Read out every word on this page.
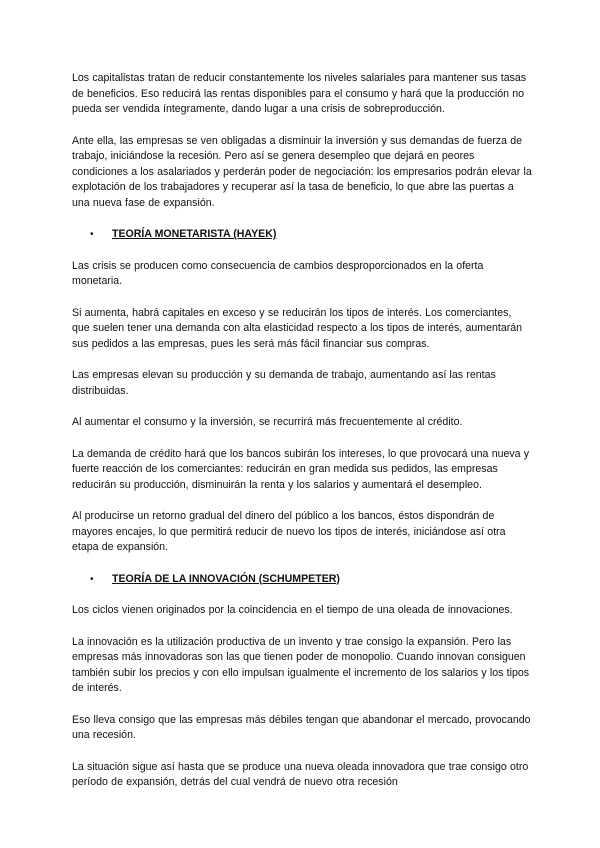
Los capitalistas tratan de reducir constantemente los niveles salariales para mantener sus tasas de beneficios. Eso reducirá las rentas disponibles para el consumo y hará que la producción no pueda ser vendida íntegramente, dando lugar a una crisis de sobreproducción.

Ante ella, las empresas se ven obligadas a disminuir la inversión y sus demandas de fuerza de trabajo, iniciándose la recesión. Pero así se genera desempleo que dejará en peores condiciones a los asalariados y perderán poder de negociación: los empresarios podrán elevar la explotación de los trabajadores y recuperar así la tasa de beneficio, lo que abre las puertas a una nueva fase de expansión.

• TEORÍA MONETARISTA (HAYEK)

Las crisis se producen como consecuencia de cambios desproporcionados en la oferta monetaria.

Si aumenta, habrá capitales en exceso y se reducirán los tipos de interés. Los comerciantes, que suelen tener una demanda con alta elasticidad respecto a los tipos de interés, aumentarán sus pedidos a las empresas, pues les será más fácil financiar sus compras.

Las empresas elevan su producción y su demanda de trabajo, aumentando así las rentas distribuidas.

Al aumentar el consumo y la inversión, se recurrirá más frecuentemente al crédito.

La demanda de crédito hará que los bancos subirán los intereses, lo que provocará una nueva y fuerte reacción de los comerciantes: reducirán en gran medida sus pedidos, las empresas reducirán su producción, disminuirán la renta y los salarios y aumentará el desempleo.

Al producirse un retorno gradual del dinero del público a los bancos, éstos dispondrán de mayores encajes, lo que permitirá reducir de nuevo los tipos de interés, iniciándose así otra etapa de expansión.

• TEORÍA DE LA INNOVACIÓN (SCHUMPETER)

Los ciclos vienen originados por la coincidencia en el tiempo de una oleada de innovaciones.

La innovación es la utilización productiva de un invento y trae consigo la expansión. Pero las empresas más innovadoras son las que tienen poder de monopolio. Cuando innovan consiguen también subir los precios y con ello impulsan igualmente el incremento de los salarios y los tipos de interés.

Eso lleva consigo que las empresas más débiles tengan que abandonar el mercado, provocando una recesión.

La situación sigue así hasta que se produce una nueva oleada innovadora que trae consigo otro período de expansión, detrás del cual vendrá de nuevo otra recesión
